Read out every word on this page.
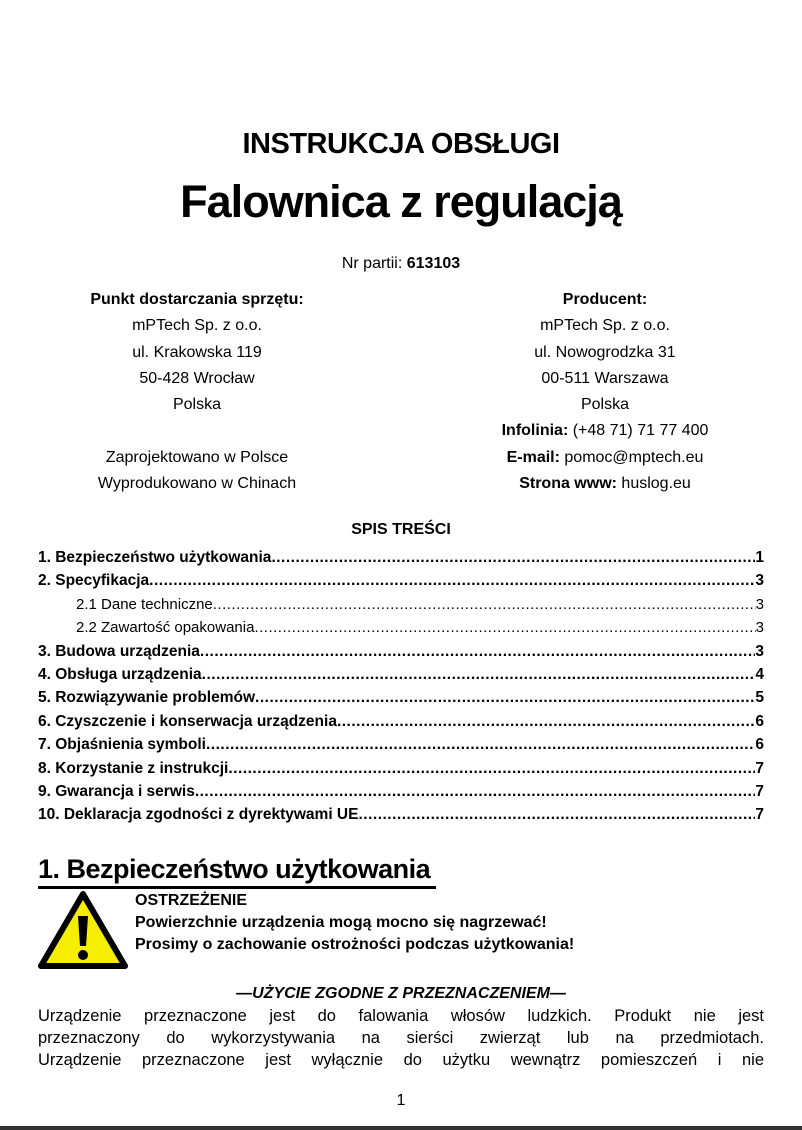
INSTRUKCJA OBSŁUGI
Falownica z regulacją
Nr partii: 613103
Punkt dostarczania sprzętu:
mPTech Sp. z o.o.
ul. Krakowska 119
50-428 Wrocław
Polska

Zaprojektowano w Polsce
Wyprodukowano w Chinach
Producent:
mPTech Sp. z o.o.
ul. Nowogrodzka 31
00-511 Warszawa
Polska
Infolinia: (+48 71) 71 77 400
E-mail: pomoc@mptech.eu
Strona www: huslog.eu
SPIS TREŚCI
1. Bezpieczeństwo użytkowania .....	1
2. Specyfikacja .....	3
2.1 Dane techniczne .....	3
2.2 Zawartość opakowania .....	3
3. Budowa urządzenia .....	3
4. Obsługa urządzenia .....	4
5. Rozwiązywanie problemów .....	5
6. Czyszczenie i konserwacja urządzenia .....	6
7. Objaśnienia symboli .....	6
8. Korzystanie z instrukcji .....	7
9. Gwarancja i serwis .....	7
10. Deklaracja zgodności z dyrektywami UE .....	7
1. Bezpieczeństwo użytkowania
OSTRZEŻENIE
Powierzchnie urządzenia mogą mocno się nagrzewać!
Prosimy o zachowanie ostrożności podczas użytkowania!
—UŻYCIE ZGODNE Z PRZEZNACZENIEM—
Urządzenie przeznaczone jest do falowania włosów ludzkich. Produkt nie jest
przeznaczony do wykorzystywania na sierści zwierząt lub na przedmiotach.
Urządzenie przeznaczone jest wyłącznie do użytku wewnątrz pomieszczeń i nie
1
